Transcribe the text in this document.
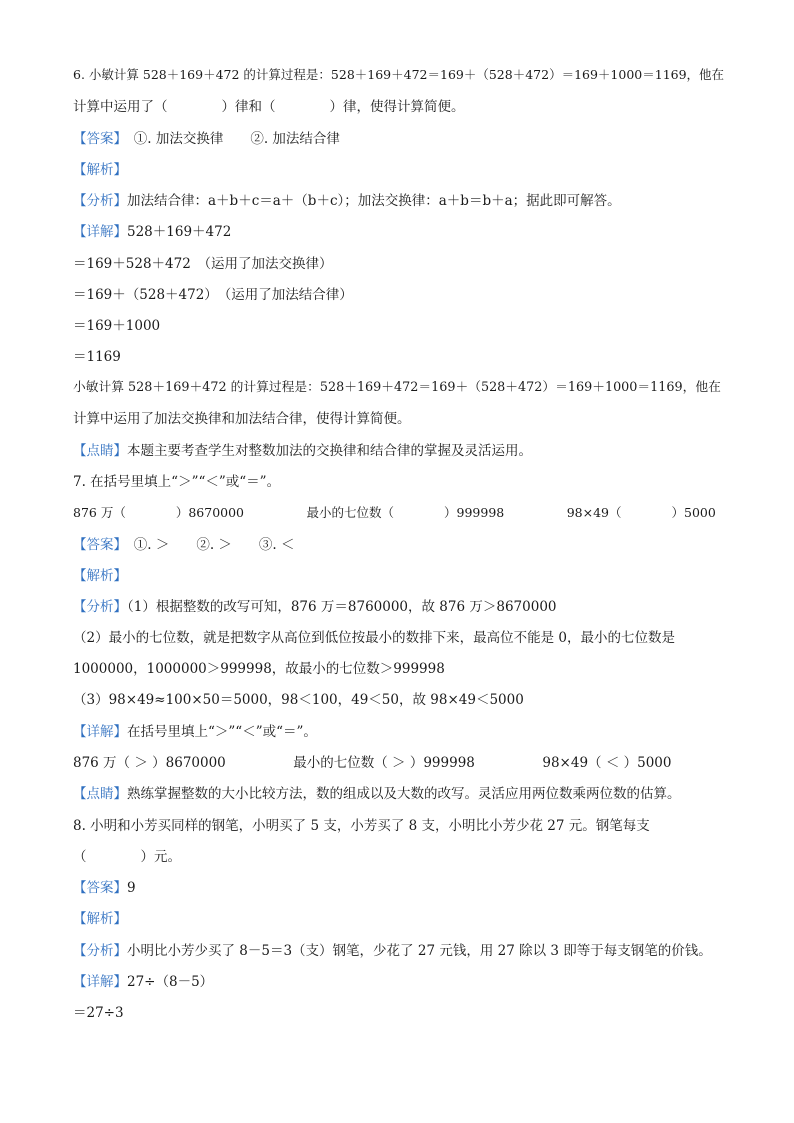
6. 小敏计算 528＋169＋472 的计算过程是：528＋169＋472＝169＋（528＋472）＝169＋1000＝1169，他在
计算中运用了（　　　　）律和（　　　　）律，使得计算简便。
【答案】　①. 加法交换律　　②. 加法结合律
【解析】
【分析】加法结合律：a＋b＋c＝a＋（b＋c）；加法交换律：a＋b＝b＋a；据此即可解答。
【详解】528＋169＋472
＝169＋528＋472　（运用了加法交换律）
＝169＋（528＋472）　（运用了加法结合律）
＝169＋1000
＝1169
小敏计算 528＋169＋472 的计算过程是：528＋169＋472＝169＋（528＋472）＝169＋1000＝1169，他在
计算中运用了加法交换律和加法结合律，使得计算简便。
【点睛】本题主要考查学生对整数加法的交换律和结合律的掌握及灵活运用。
7. 在括号里填上“＞”“＜”或“＝”。
876 万（　　　　）8670000　　　　　最小的七位数（　　　　）999998　　　　　98×49（　　　　）5000
【答案】　①. ＞　　②. ＞　　③. ＜
【解析】
【分析】（1）根据整数的改写可知，876 万＝8760000，故 876 万＞8670000
（2）最小的七位数，就是把数字从高位到低位按最小的数排下来，最高位不能是 0，最小的七位数是
1000000，1000000＞999998，故最小的七位数＞999998
（3）98×49≈100×50＝5000，98＜100，49＜50，故 98×49＜5000
【详解】在括号里填上“＞”“＜”或“＝”。
876 万（ ＞ ）8670000　　　　　最小的七位数（ ＞ ）999998　　　　　98×49（ ＜ ）5000
【点睛】熟练掌握整数的大小比较方法，数的组成以及大数的改写。灵活应用两位数乘两位数的估算。
8. 小明和小芳买同样的钢笔，小明买了 5 支，小芳买了 8 支，小明比小芳少花 27 元。钢笔每支
（　　　　）元。
【答案】9
【解析】
【分析】小明比小芳少买了 8－5＝3（支）钢笔，少花了 27 元钱，用 27 除以 3 即等于每支钢笔的价钱。
【详解】27÷（8－5）
＝27÷3
